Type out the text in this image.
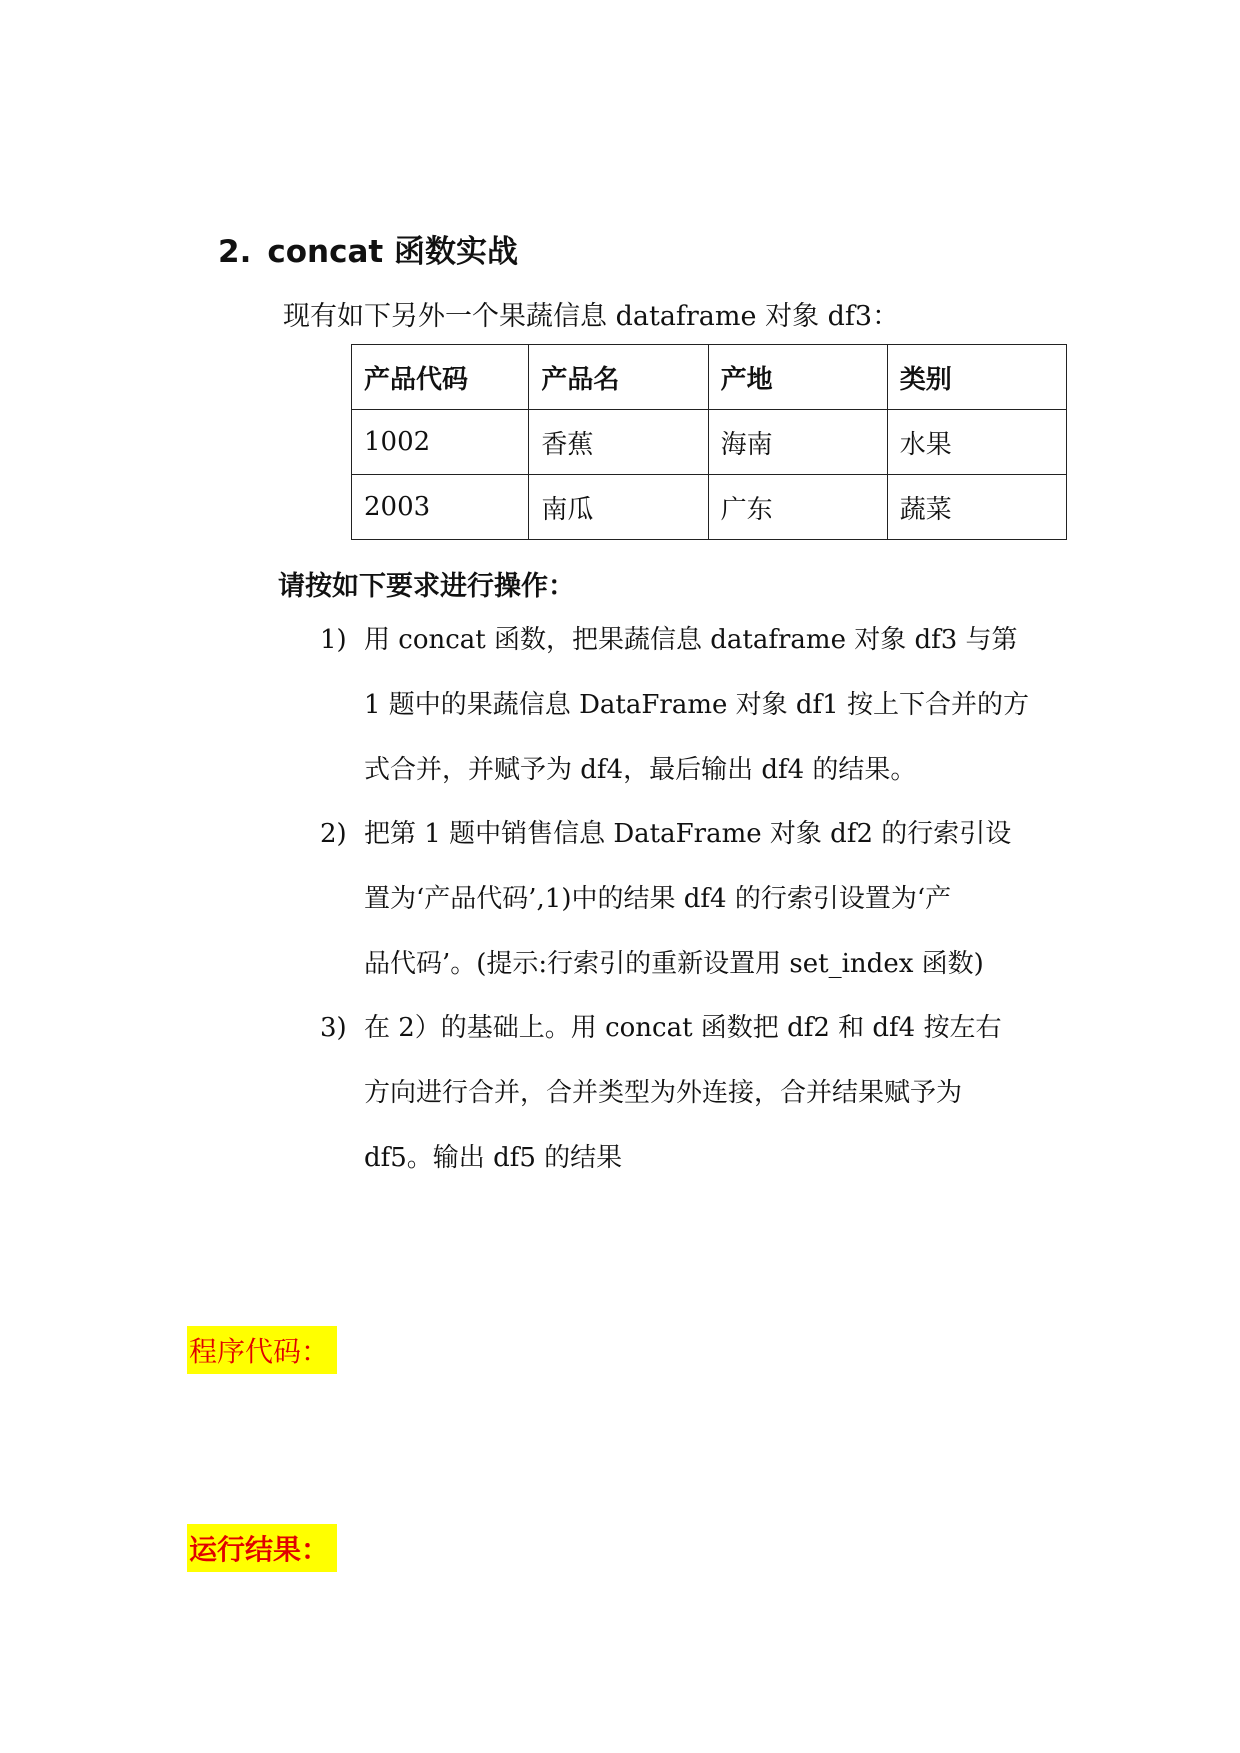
2. concat 函数实战
现有如下另外一个果蔬信息 dataframe 对象 df3：
产品代码	产品名	产地	类别
1002	香蕉	海南	水果
2003	南瓜	广东	蔬菜
请按如下要求进行操作：
1) 用 concat 函数，把果蔬信息 dataframe 对象 df3 与第
1 题中的果蔬信息 DataFrame 对象 df1 按上下合并的方
式合并，并赋予为 df4，最后输出 df4 的结果。
2) 把第 1 题中销售信息 DataFrame 对象 df2 的行索引设
置为‘产品代码’,1)中的结果 df4 的行索引设置为‘产
品代码’。(提示:行索引的重新设置用 set_index 函数)
3) 在 2）的基础上。用 concat 函数把 df2 和 df4 按左右
方向进行合并，合并类型为外连接，合并结果赋予为
df5。输出 df5 的结果
程序代码：
运行结果：
